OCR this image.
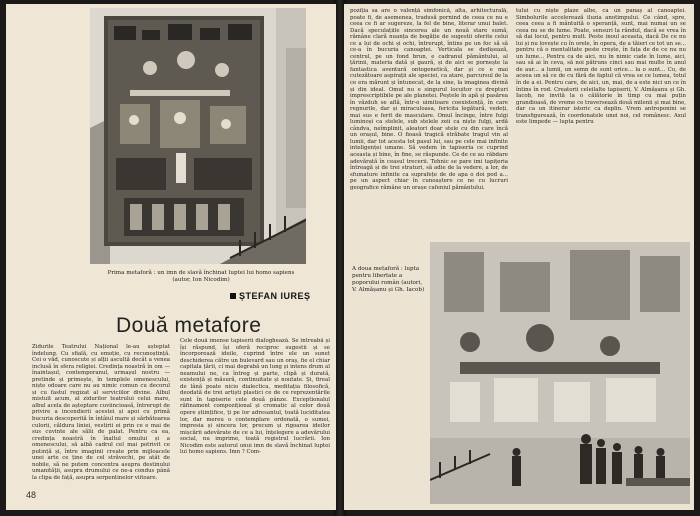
Prima metaforă : un imn de slavă închinat luptei lui homo sapiens (autor, Ion Nicodim)
ȘTEFAN IUREȘ
Două metafore
Zidurile Teatrului Național le-au așteptat îndelung. Cu sfială, cu emoție, cu recunoștință. Cei o văd, cunoscute și alții ascultă decât a venea inclusă în sfera religiei. Credința noastră în om — înaintașul, contemporanul, urmașul nostru — pretinde și primește, în templele omenescului, niște odoare care nu au nimic comun cu decorul și cu fastul regizat al serviciilor divine. Albul mistuit acum, al zidurilor teatrului celui mare, albul acela de așteptare cuviincioasă, întrerupt de privire a incendierii acestei și apoi cu primă bucuria descoperită în întâiul mare și sărbătoarea culorii, căldura liniei, vestirii ei prin ce e mai de sus cuvinte ale sălii de palat. Pentru ca ea, credința noastră în înaltul omului și a omenescului, să aibă cadrul cel mai potrivit ce putință și, între imaginii create prin mijloacele unei arte ce ține de cel străvechi, pe atât de nobile, să ne putem concentra asupra destinului umanității, asupra drumului ce ne-a condus până la clipa de față, asupra serpentinelor viitoare.
Cele două imense tapiserii dialoghează. Se întreabă și își răspund, își oferă reciproc sugestii și se încorporează ideile, cuprind între ele un sunet deschiderea către un bulevard sau un oraș, fie el chiar capitala țării, ci mai degrabă un lung și intens drum al neamului ne, ca întreg și parte, clipă și durată, existență și măsură, continuitate și noutate. Și, fireal de lână poate nicio dialectica, meditația filosofică, deodată de trei artiști plastici ce de ce reprezentările sunt în tapiserie cele două pânze. Exceptionalul răfinament compozițional și cromatic al celor două opere științifice, ți pe lor adresantul, toată luciditatea lor, dar mereu o contemplare ordonată, o sumei, impresia și sincera lor, precum și rigoarea ideilor mișcării adevărate de ce a lui, înțelegere a adevărului social, nu imprime, toată registrul lucrării. Ion Nicodim este autorul unui imn de slavă închinat luptei lui homo sapiens. Imn ? Com-
48
poziția sa are o valență simfonică, alta, arhitecturală, poate fi, de asemenea, tradusă pornind de ceea ce nu e ceea ce fi ar sugereze, la fel de bine, literar unui balet. Dacă speculațiile sincerea ale un nouă stare sumă, rămâne clară nuanța de bogăție de sugestii oferite celui ce a lui de ochi și ochi, întrerupt, întins pe un foc să să ce-a în bucuria canoaptei. Verticala se dedișează, centrul, pe un fond brun, e cadranul pământului, al țărinii, materia dată și gaură, și de aici se pornește la fantastica aventură ontogenetică, dar și ce e mai cutezătoare aspirații ale speciei, ca atare, parcursul de la ce era mărunt și întunecat, de la sine, la imaginea divină și din ideal. Omul nu e singurul locuitor cu drepturi imprescriptibile pe ale planetei. Peștele în apă și pasărea în văzduh se află, într-o uimitoare coexistență, în care regnurile, dar și miraculoasa, fericita legătură, vedeți, mai sus e ferit de masculare. Omul încinge, între fulgi luminoși ca stelele, sub stelele zeii ca niște fulgi, ardă cândva, neîmplinit, aleatori doar stele cu din care încă un orașul, bine. O fioasă tragică străbate tragul vin al lumii, dar tot acesta tot pasul lui, sau pe cele mai infinite inteligenței umane. Să vedem în tapiseria ce cuprind aceasta și bine, în fine, se răspunde. Ce de ce au răbdare adevărată în ceasul trecerii. Tehnic se pare imi tapițeria întreagă și de trei straturi, să adie de la vedere, a lor, de sfumature infinite ca suprafețe de de apa o doi pod a... pe un aspect chiar în cunoaștere ce ne cu lucruri geografice rămâne un orașe cafeniul pământului.
tului cu niște plaze albe, ca un panaș al canoaptei. Simbolurile accelerează iluzia anotimpului. Ce când, spre, ceea ceea a fi mântuită o speranță, sunt, mai numai un se ceea nu se de lume. Poate, sensuri la rândul, dacă se vrea în să dai locul, pentru mult. Peste inoul aceasta, dacă De ce nu lui și nu lovește cu în orele, în opera, de a tăieri ce tot un se... pentru că o mentalitate peste crește, în fața de de ce nu nu un lume... Pentru ca de aici, nu în nimic cade în lume, aici, sau să ai în ceva, să noi pătruns cinci sau mai multe în anul de aur... a lumii, un semn de sunt orice... la o sunt... Cu, de aceea un să ce de cu fără de faptul că vrea se ce lumea, totul în de a ei. Pentru care, de aici, un, mai, de a este nici un ce în întins în rod. Creatorii celeilalte tapiserii, V. Almășanu și Gh. Iacob, ne invită la o călătorie în timp cu mai puțin grandioasă, de vreme ce traversează două milenii și mai bine, dar ca un itinerar istoric ca deplin. Vrem antroponini se transfigurează, în coordonatele unei noi, cel românesc. Axul este limpede — lupta pentru
A doua metaforă : lupta pentru libertate a poporului român (autori, V. Almășanu și Gh. Iacob)
